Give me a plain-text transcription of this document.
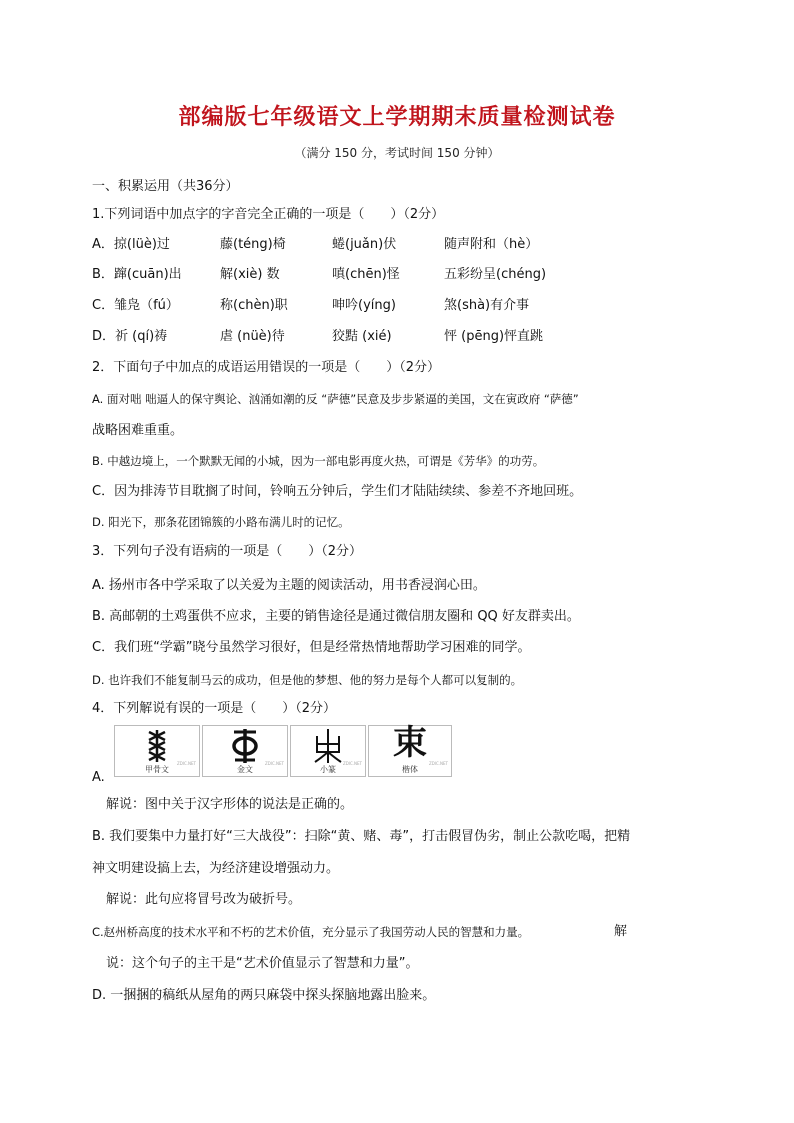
部编版七年级语文上学期期末质量检测试卷
（满分 150 分，考试时间 150 分钟）
一、积累运用（共36分）
1.下列词语中加点字的字音完全正确的一项是（　　）（2分）
A．掠(lüè)过	藤(téng)椅	蜷(juǎn)伏	随声附和（hè）
B．蹿(cuān)出	解(xiè) 数	嗔(chēn)怪	五彩纷呈(chéng)
C．雏凫（fú）	称(chèn)职	呻吟(yíng)	煞(shà)有介事
D．祈 (qí)祷	虐 (nüè)待	狡黠 (xié)	怦 (pēng)怦直跳
2．下面句子中加点的成语运用错误的一项是（　　）（2分）
A. 面对咄 咄逼人的保守舆论、汹涌如潮的反 “萨德”民意及步步紧逼的美国，文在寅政府 “萨德”
战略困难重重。
B. 中越边境上，一个默默无闻的小城，因为一部电影再度火热，可谓是《芳华》的功劳。
C．因为排涛节目耽搁了时间，铃响五分钟后，学生们才陆陆续续、参差不齐地回班。
D. 阳光下，那条花团锦簇的小路布满儿时的记忆。
3．下列句子没有语病的一项是（　　）（2分）
A. 扬州市各中学采取了以关爱为主题的阅读活动，用书香浸润心田。
B. 高邮朝的土鸡蛋供不应求，主要的销售途径是通过微信朋友圈和 QQ 好友群卖出。
C．我们班“学霸”晓兮虽然学习很好，但是经常热情地帮助学习困难的同学。
D. 也许我们不能复制马云的成功，但是他的梦想、他的努力是每个人都可以复制的。
4．下列解说有误的一项是（　　）（2分）
ZDIC.NET
甲骨文
ZDIC.NET
金文
ZDIC.NET
小篆
束
ZDIC.NET
楷体
A.
解说：图中关于汉字形体的说法是正确的。
B. 我们要集中力量打好“三大战役”：扫除“黄、赌、毒”，打击假冒伪劣，制止公款吃喝，把精
神文明建设搞上去，为经济建设增强动力。
解说：此句应将冒号改为破折号。
C.赵州桥高度的技术水平和不朽的艺术价值，充分显示了我国劳动人民的智慧和力量。	解
说：这个句子的主干是“艺术价值显示了智慧和力量”。
D. 一捆捆的稿纸从屋角的两只麻袋中探头探脑地露出脸来。
